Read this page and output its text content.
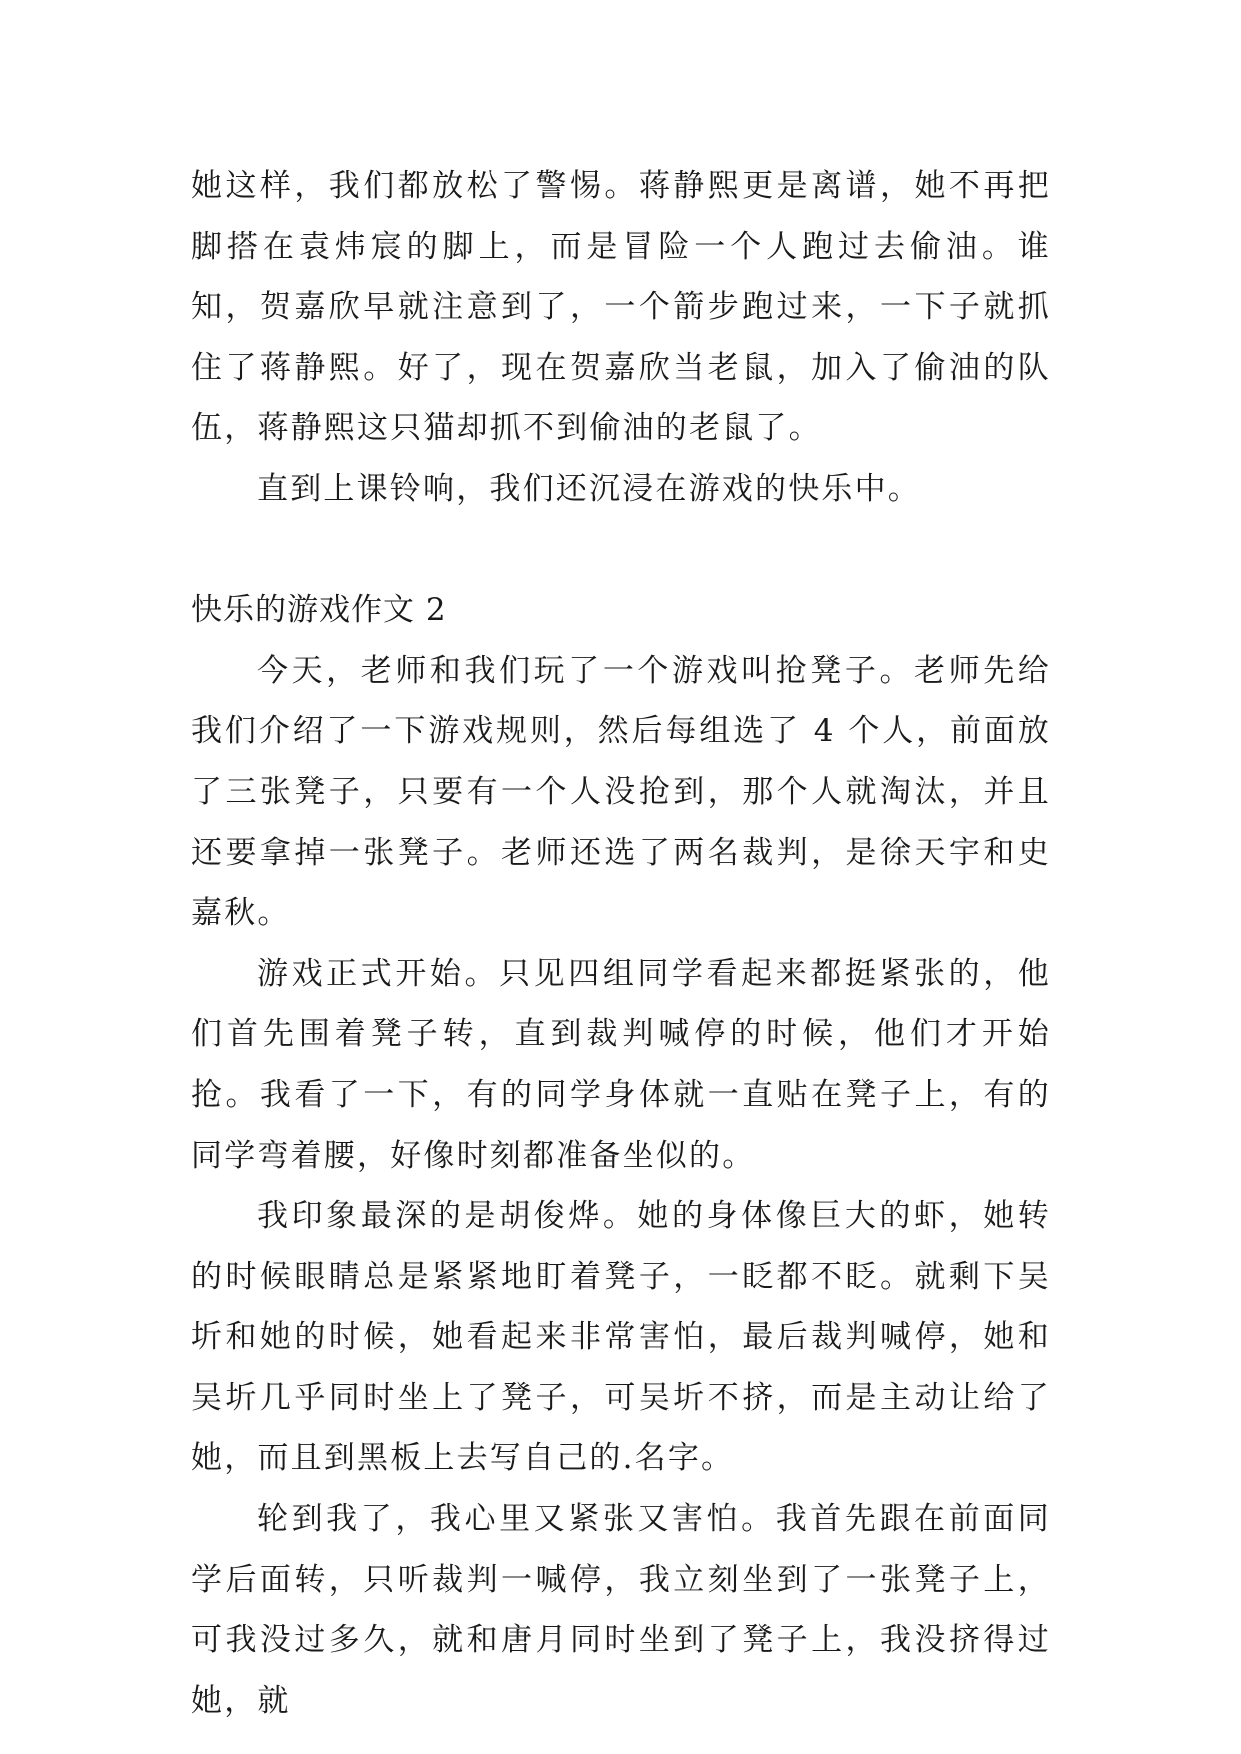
她这样，我们都放松了警惕。蒋静熙更是离谱，她不再把脚搭在袁炜宸的脚上，而是冒险一个人跑过去偷油。谁知，贺嘉欣早就注意到了，一个箭步跑过来，一下子就抓住了蒋静熙。好了，现在贺嘉欣当老鼠，加入了偷油的队伍，蒋静熙这只猫却抓不到偷油的老鼠了。

直到上课铃响，我们还沉浸在游戏的快乐中。

快乐的游戏作文 2

今天，老师和我们玩了一个游戏叫抢凳子。老师先给我们介绍了一下游戏规则，然后每组选了 4 个人，前面放了三张凳子，只要有一个人没抢到，那个人就淘汰，并且还要拿掉一张凳子。老师还选了两名裁判，是徐天宇和史嘉秋。

游戏正式开始。只见四组同学看起来都挺紧张的，他们首先围着凳子转，直到裁判喊停的时候，他们才开始抢。我看了一下，有的同学身体就一直贴在凳子上，有的同学弯着腰，好像时刻都准备坐似的。

我印象最深的是胡俊烨。她的身体像巨大的虾，她转的时候眼睛总是紧紧地盯着凳子，一眨都不眨。就剩下吴圻和她的时候，她看起来非常害怕，最后裁判喊停，她和吴圻几乎同时坐上了凳子，可吴圻不挤，而是主动让给了她，而且到黑板上去写自己的.名字。

轮到我了，我心里又紧张又害怕。我首先跟在前面同学后面转，只听裁判一喊停，我立刻坐到了一张凳子上，可我没过多久，就和唐月同时坐到了凳子上，我没挤得过她，就
